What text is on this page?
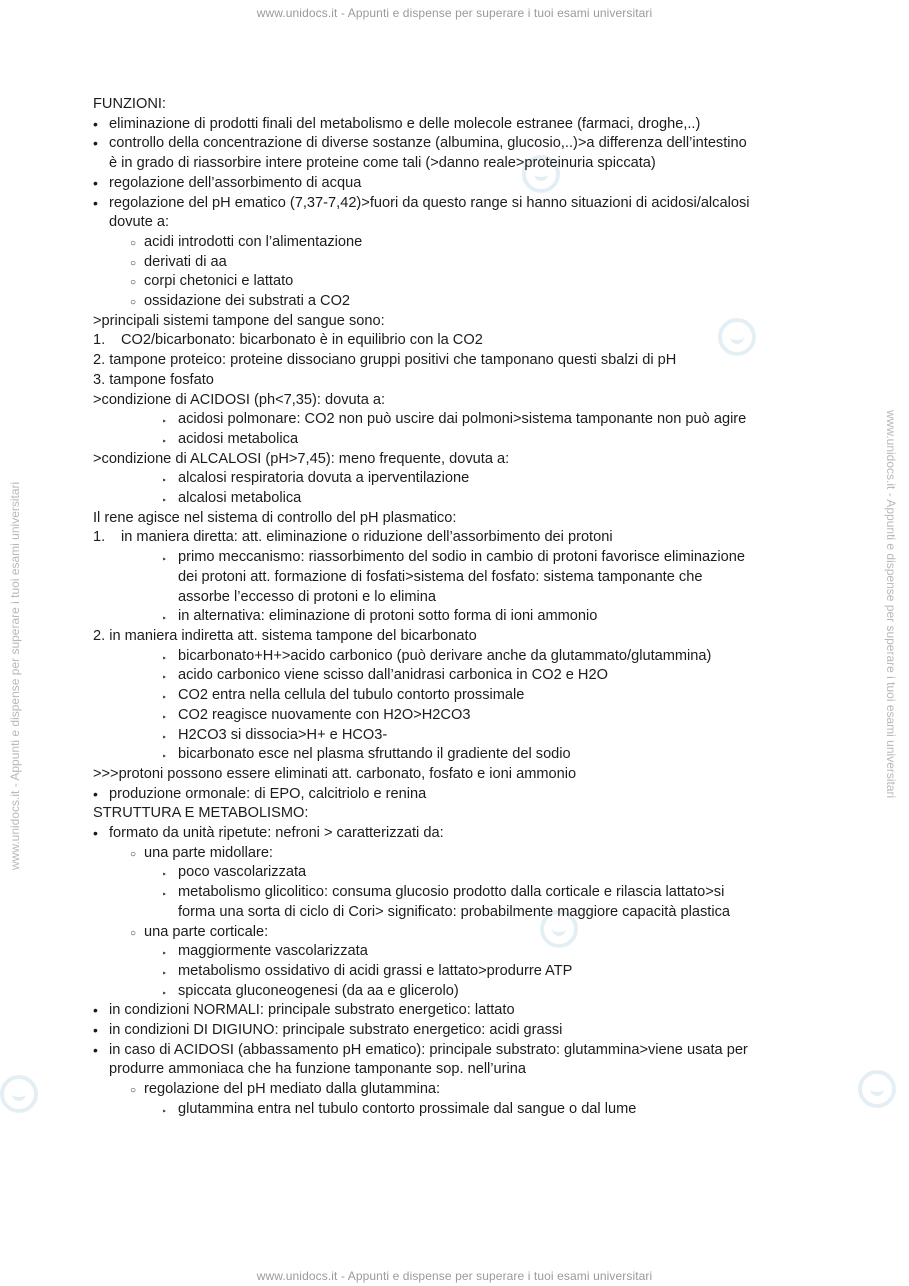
www.unidocs.it - Appunti e dispense per superare i tuoi esami universitari
www.unidocs.it - Appunti e dispense per superare i tuoi esami universitari
www.unidocs.it - Appunti e dispense per superare i tuoi esami universitari	www.unidocs.it - Appunti e dispense per superare i tuoi esami universitari
FUNZIONI:
• eliminazione di prodotti finali del metabolismo e delle molecole estranee (farmaci, droghe,..)
• controllo della concentrazione di diverse sostanze (albumina, glucosio,..)>a differenza dell’intestino
è in grado di riassorbire intere proteine come tali (>danno reale>proteinuria spiccata)
• regolazione dell’assorbimento di acqua
• regolazione del pH ematico (7,37-7,42)>fuori da questo range si hanno situazioni di acidosi/alcalosi
dovute a:
○ acidi introdotti con l’alimentazione
○ derivati di aa
○ corpi chetonici e lattato
○ ossidazione dei substrati a CO2
>principali sistemi tampone del sangue sono:
1. CO2/bicarbonato: bicarbonato è in equilibrio con la CO2
2. tampone proteico: proteine dissociano gruppi positivi che tamponano questi sbalzi di pH
3. tampone fosfato
>condizione di ACIDOSI (ph<7,35): dovuta a:
‣ acidosi polmonare: CO2 non può uscire dai polmoni>sistema tamponante non può agire
‣ acidosi metabolica
>condizione di ALCALOSI (pH>7,45): meno frequente, dovuta a:
‣ alcalosi respiratoria dovuta a iperventilazione
‣ alcalosi metabolica
Il rene agisce nel sistema di controllo del pH plasmatico:
1. in maniera diretta: att. eliminazione o riduzione dell’assorbimento dei protoni
‣ primo meccanismo: riassorbimento del sodio in cambio di protoni favorisce eliminazione
dei protoni att. formazione di fosfati>sistema del fosfato: sistema tamponante che
assorbe l’eccesso di protoni e lo elimina
‣ in alternativa: eliminazione di protoni sotto forma di ioni ammonio
2. in maniera indiretta att. sistema tampone del bicarbonato
‣ bicarbonato+H+>acido carbonico (può derivare anche da glutammato/glutammina)
‣ acido carbonico viene scisso dall’anidrasi carbonica in CO2 e H2O
‣ CO2 entra nella cellula del tubulo contorto prossimale
‣ CO2 reagisce nuovamente con H2O>H2CO3
‣ H2CO3 si dissocia>H+ e HCO3-
‣ bicarbonato esce nel plasma sfruttando il gradiente del sodio
>>>protoni possono essere eliminati att. carbonato, fosfato e ioni ammonio
• produzione ormonale: di EPO, calcitriolo e renina
STRUTTURA E METABOLISMO:
• formato da unità ripetute: nefroni > caratterizzati da:
○ una parte midollare:
‣ poco vascolarizzata
‣ metabolismo glicolitico: consuma glucosio prodotto dalla corticale e rilascia lattato>si
forma una sorta di ciclo di Cori> significato: probabilmente maggiore capacità plastica
○ una parte corticale:
‣ maggiormente vascolarizzata
‣ metabolismo ossidativo di acidi grassi e lattato>produrre ATP
‣ spiccata gluconeogenesi (da aa e glicerolo)
• in condizioni NORMALI: principale substrato energetico: lattato
• in condizioni DI DIGIUNO: principale substrato energetico: acidi grassi
• in caso di ACIDOSI (abbassamento pH ematico): principale substrato: glutammina>viene usata per
produrre ammoniaca che ha funzione tamponante sop. nell’urina
○ regolazione del pH mediato dalla glutammina:
‣ glutammina entra nel tubulo contorto prossimale dal sangue o dal lume
